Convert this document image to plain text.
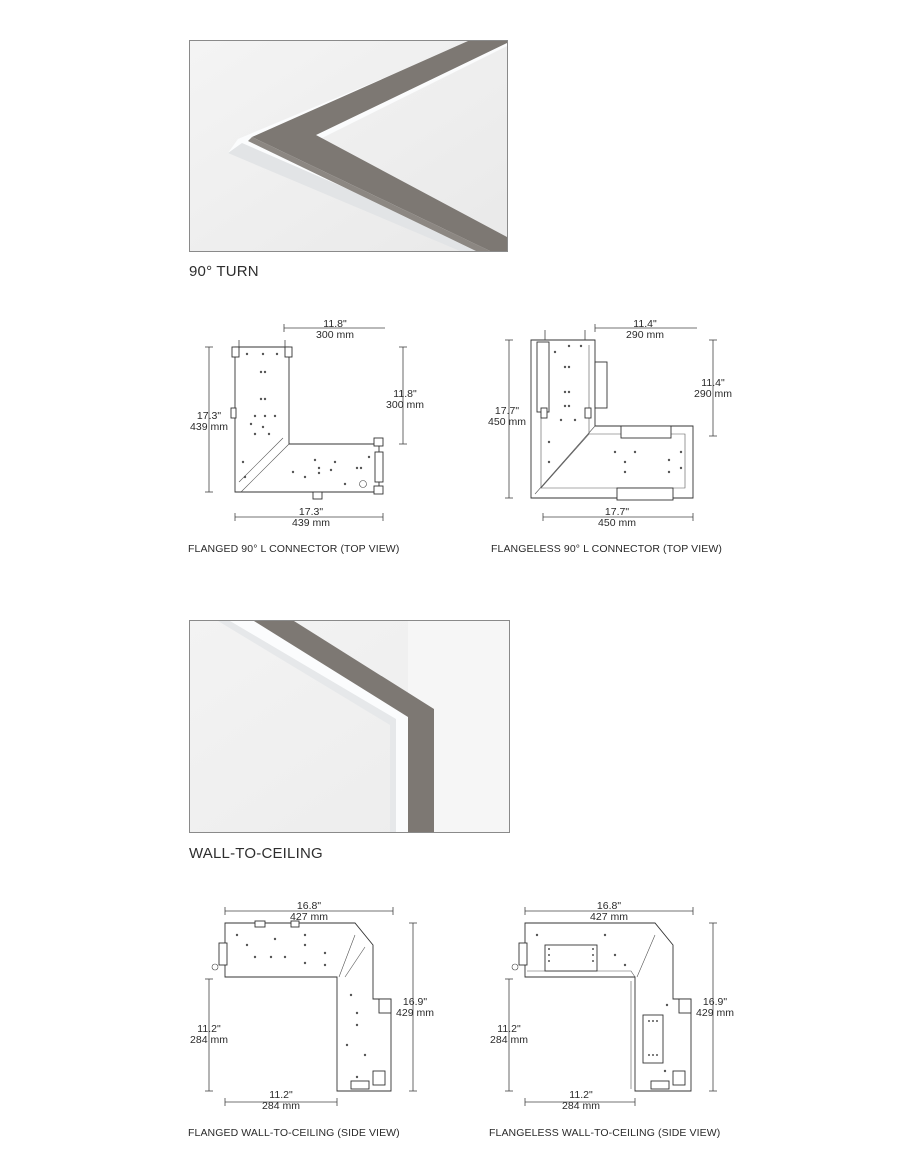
90° TURN
11.8"
300 mm
11.8"
300 mm
17.3"
439 mm
17.3"
439 mm

FLANGED 90° L CONNECTOR (TOP VIEW)

11.4"
290 mm
11.4"
290 mm
17.7"
450 mm
17.7"
450 mm

FLANGELESS 90° L CONNECTOR (TOP VIEW)

WALL-TO-CEILING
16.8"
427 mm
16.9"
429 mm
11.2"
284 mm
11.2"
284 mm

FLANGED WALL-TO-CEILING (SIDE VIEW)

16.8"
427 mm
16.9"
429 mm
11.2"
284 mm
11.2"
284 mm

FLANGELESS WALL-TO-CEILING (SIDE VIEW)
